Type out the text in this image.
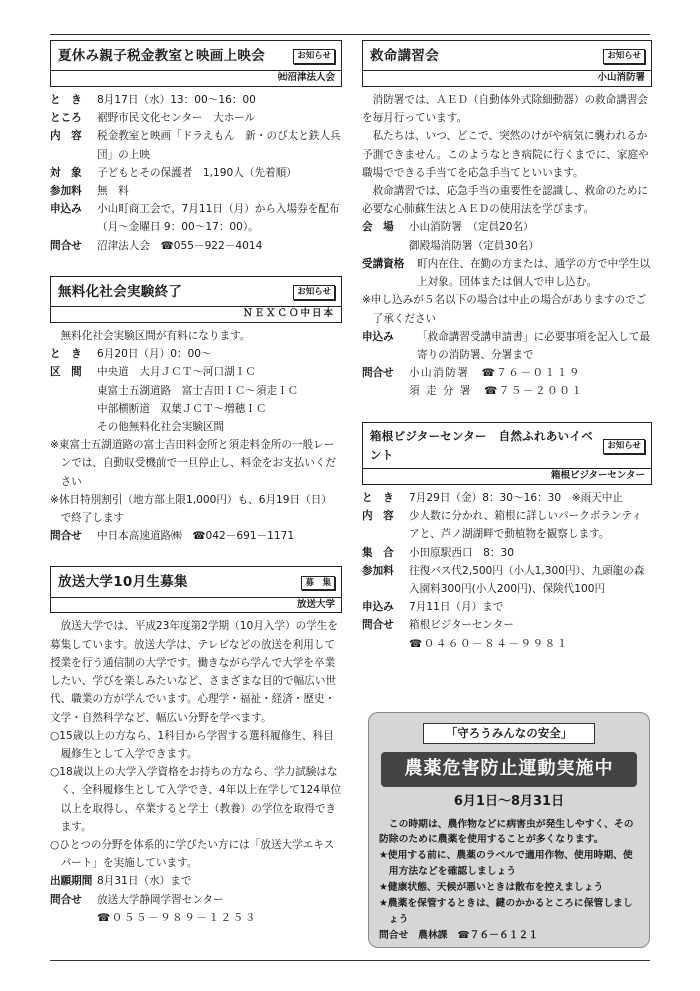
夏休み親子税金教室と映画上映会	お知らせ
㈳沼津法人会
と　き	8月17日（水）13：00～16：00
ところ	裾野市民文化センター　大ホール
内　容	税金教室と映画「ドラえもん　新・のび太と鉄人兵団」の上映
対　象	子どもとその保護者　1,190人（先着順）
参加料	無　料
申込み	小山町商工会で、7月11日（月）から入場券を配布（月～金曜日 9：00～17：00）。
問合せ	沼津法人会　☎055－922－4014
無料化社会実験終了	お知らせ
ＮＥＸＣＯ中日本
無料化社会実験区間が有料になります。
と　き	6月20日（月）0：00～
区　間	中央道　大月ＪＣＴ～河口湖ＩＣ
東富士五湖道路　富士吉田ＩＣ～須走ＩＣ
中部横断道　双葉ＪＣＴ～増穂ＩＣ
その他無料化社会実験区間
※東富士五湖道路の富士吉田料金所と須走料金所の一般レーンでは、自動収受機前で一旦停止し、料金をお支払いください
※休日特別割引（地方部上限1,000円）も、6月19日（日）で終了します
問合せ	中日本高速道路㈱　☎042－691－1171
放送大学10月生募集	募　集
放送大学
放送大学では、平成23年度第2学期（10月入学）の学生を募集しています。放送大学は、テレビなどの放送を利用して授業を行う通信制の大学です。働きながら学んで大学を卒業したい、学びを楽しみたいなど、さまざまな目的で幅広い世代、職業の方が学んでいます。心理学・福祉・経済・歴史・文学・自然科学など、幅広い分野を学べます。
○15歳以上の方なら、1科目から学習する選科履修生、科目履修生として入学できます。
○18歳以上の大学入学資格をお持ちの方なら、学力試験はなく、全科履修生として入学でき、4年以上在学して124単位以上を取得し、卒業すると学士（教養）の学位を取得できます。
○ひとつの分野を体系的に学びたい方には「放送大学エキスパート」を実施しています。
出願期間 8月31日（水）まで
問合せ	放送大学静岡学習センター
☎０５５－９８９－１２５３
救命講習会	お知らせ
小山消防署
消防署では、ＡＥＤ（自動体外式除細動器）の救命講習会を毎月行っています。
私たちは、いつ、どこで、突然のけがや病気に襲われるか予測できません。このようなとき病院に行くまでに、家庭や職場でできる手当てを応急手当てといいます。
救命講習では、応急手当の重要性を認識し、救命のために必要な心肺蘇生法とＡＥＤの使用法を学びます。
会　場	小山消防署　（定員20名）
御殿場消防署（定員30名）
受講資格	町内在住、在勤の方または、通学の方で中学生以上対象。団体または個人で申し込む。
※申し込みが５名以下の場合は中止の場合がありますのでご了承ください
申込み	「救命講習受講申請書」に必要事項を記入して最寄りの消防署、分署まで
問合せ	小山消防署　☎７６－０１１９
須 走 分 署　☎７５－２００１
箱根ビジターセンター　自然ふれあいイベント
お知らせ
箱根ビジターセンター
と　き	7月29日（金）8：30～16：30　※雨天中止
内　容	少人数に分かれ、箱根に詳しいパークボランティアと、芦ノ湖湖畔で動植物を観察します。
集　合	小田原駅西口　8：30
参加料	往復バス代2,500円（小人1,300円）、九頭龍の森入園料300円(小人200円)、保険代100円
申込み	7月11日（月）まで
問合せ	箱根ビジターセンター
☎０４６０－８４－９９８１
「守ろうみんなの安全」
農薬危害防止運動実施中
6月1日～8月31日
この時期は、農作物などに病害虫が発生しやすく、その防除のために農薬を使用することが多くなります。
★使用する前に、農薬のラベルで適用作物、使用時期、使用方法などを確認しましょう
★健康状態、天候が悪いときは散布を控えましょう
★農薬を保管するときは、鍵のかかるところに保管しましょう
問合せ　農林課　☎７６－６１２１
